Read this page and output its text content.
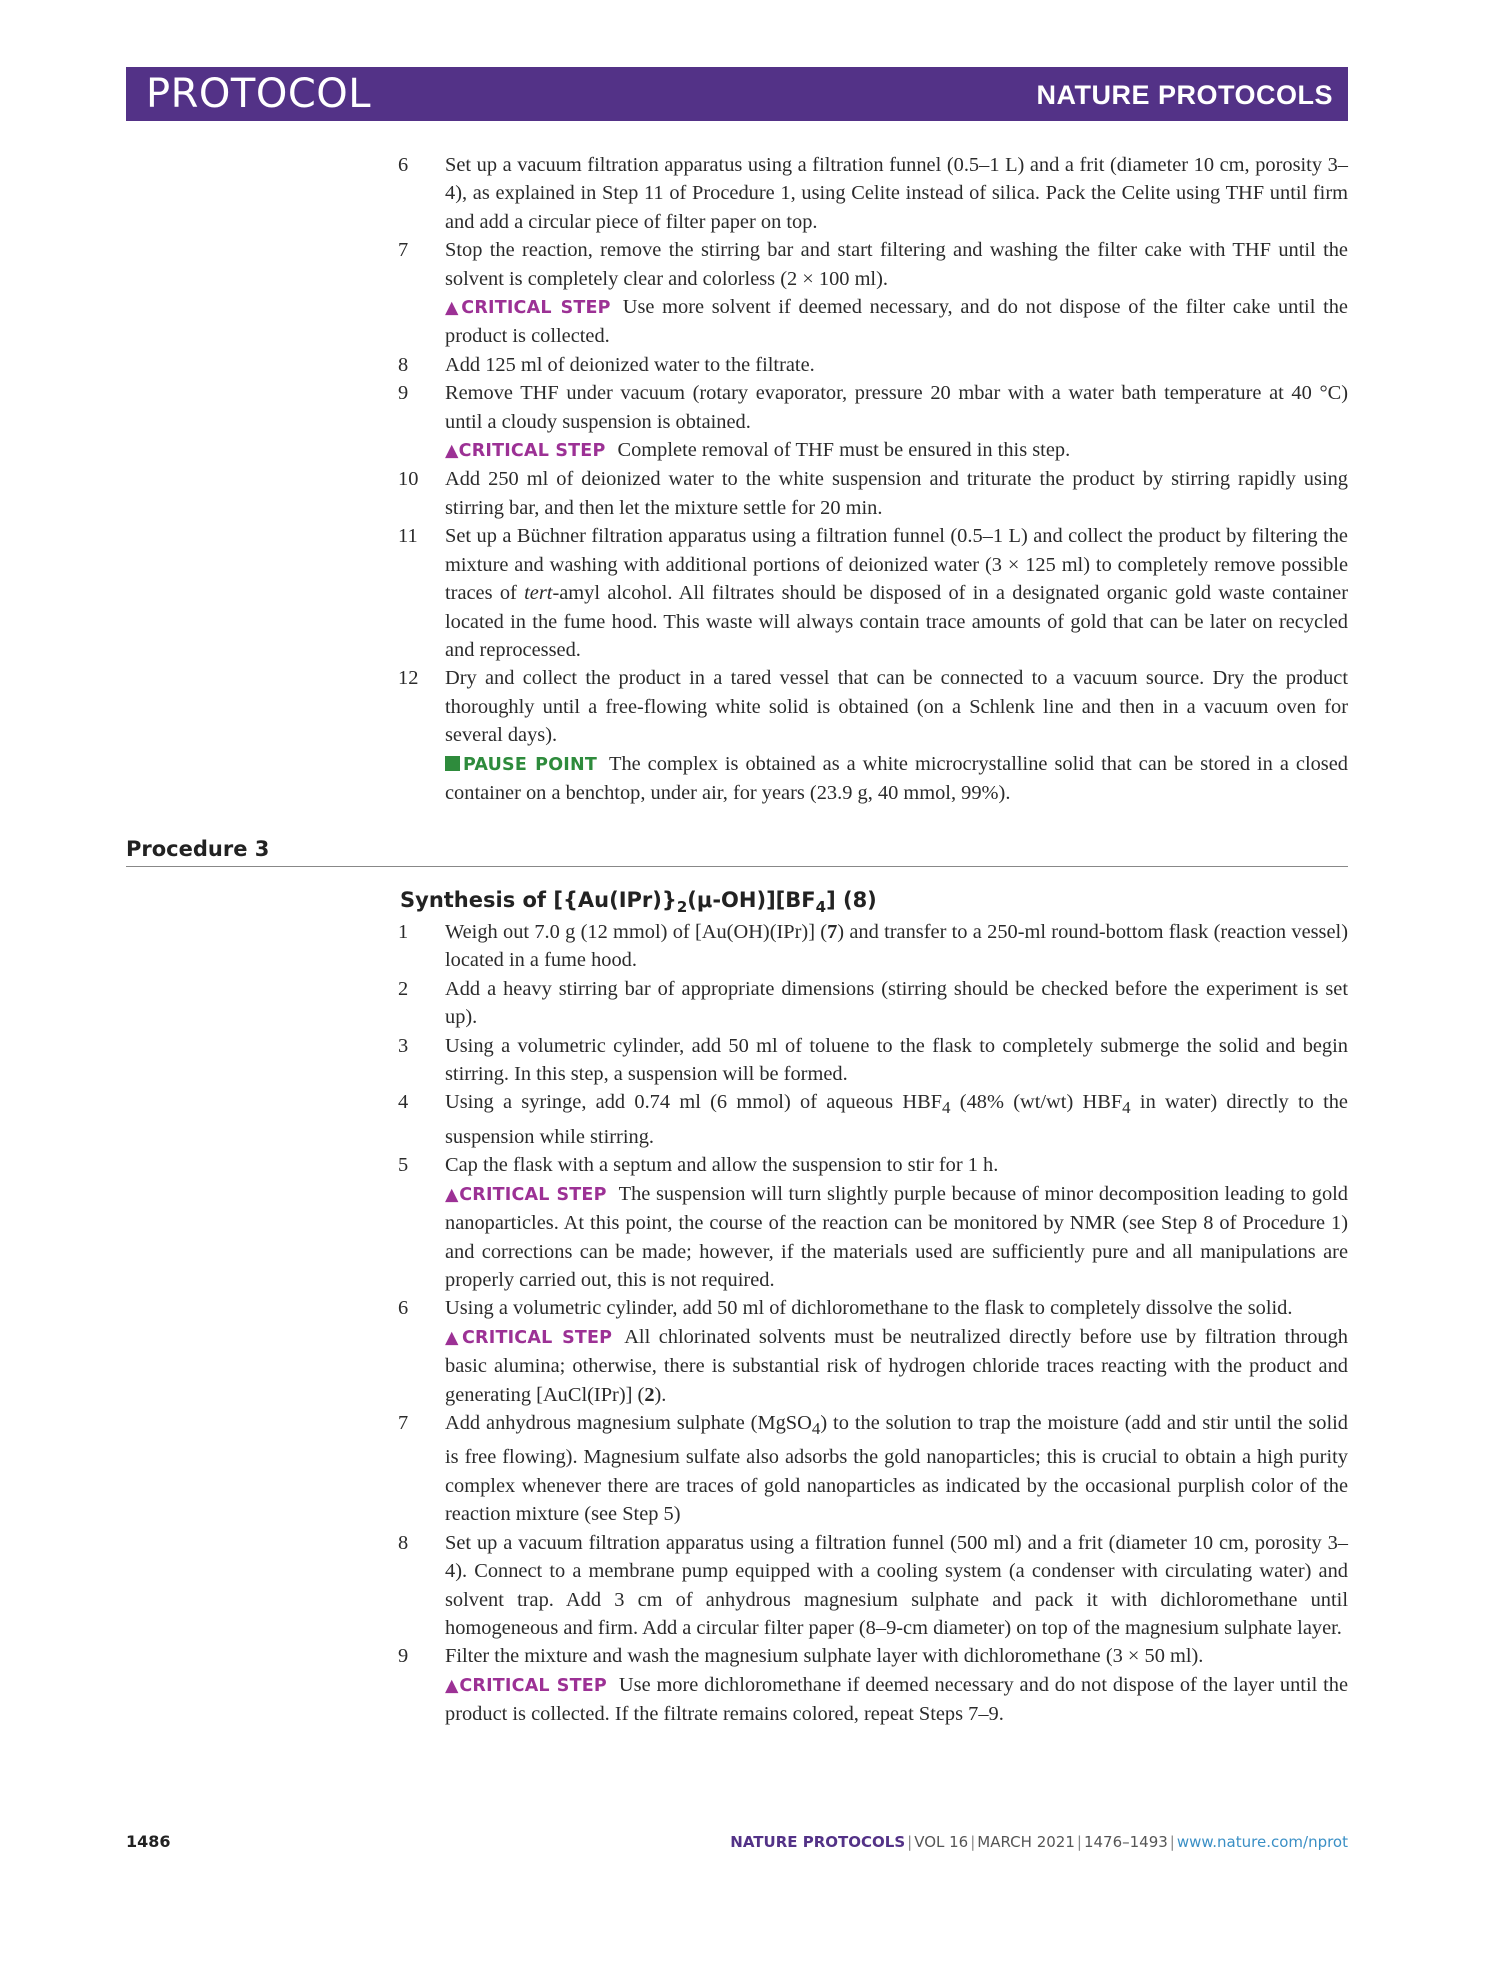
PROTOCOL	NATURE PROTOCOLS
6 Set up a vacuum filtration apparatus using a filtration funnel (0.5–1 L) and a frit (diameter 10 cm, porosity 3–4), as explained in Step 11 of Procedure 1, using Celite instead of silica. Pack the Celite using THF until firm and add a circular piece of filter paper on top.
7 Stop the reaction, remove the stirring bar and start filtering and washing the filter cake with THF until the solvent is completely clear and colorless (2 × 100 ml).
▲CRITICAL STEP Use more solvent if deemed necessary, and do not dispose of the filter cake until the product is collected.
8 Add 125 ml of deionized water to the filtrate.
9 Remove THF under vacuum (rotary evaporator, pressure 20 mbar with a water bath temperature at 40 °C) until a cloudy suspension is obtained.
▲CRITICAL STEP Complete removal of THF must be ensured in this step.
10 Add 250 ml of deionized water to the white suspension and triturate the product by stirring rapidly using stirring bar, and then let the mixture settle for 20 min.
11 Set up a Büchner filtration apparatus using a filtration funnel (0.5–1 L) and collect the product by filtering the mixture and washing with additional portions of deionized water (3 × 125 ml) to completely remove possible traces of tert-amyl alcohol. All filtrates should be disposed of in a designated organic gold waste container located in the fume hood. This waste will always contain trace amounts of gold that can be later on recycled and reprocessed.
12 Dry and collect the product in a tared vessel that can be connected to a vacuum source. Dry the product thoroughly until a free-flowing white solid is obtained (on a Schlenk line and then in a vacuum oven for several days).
PAUSE POINT The complex is obtained as a white microcrystalline solid that can be stored in a closed container on a benchtop, under air, for years (23.9 g, 40 mmol, 99%).
Procedure 3
Synthesis of $[\{Au(IPr)\}_2(\mu-OH)][BF_4]$ (8)
1 Weigh out 7.0 g (12 mmol) of [Au(OH)(IPr)] (7) and transfer to a 250-ml round-bottom flask (reaction vessel) located in a fume hood.
2 Add a heavy stirring bar of appropriate dimensions (stirring should be checked before the experiment is set up).
3 Using a volumetric cylinder, add 50 ml of toluene to the flask to completely submerge the solid and begin stirring. In this step, a suspension will be formed.
4 Using a syringe, add 0.74 ml (6 mmol) of aqueous $HBF_4$ (48% (wt/wt) $HBF_4$ in water) directly to the suspension while stirring.
5 Cap the flask with a septum and allow the suspension to stir for 1 h.
▲CRITICAL STEP The suspension will turn slightly purple because of minor decomposition leading to gold nanoparticles. At this point, the course of the reaction can be monitored by NMR (see Step 8 of Procedure 1) and corrections can be made; however, if the materials used are sufficiently pure and all manipulations are properly carried out, this is not required.
6 Using a volumetric cylinder, add 50 ml of dichloromethane to the flask to completely dissolve the solid.
▲CRITICAL STEP All chlorinated solvents must be neutralized directly before use by filtration through basic alumina; otherwise, there is substantial risk of hydrogen chloride traces reacting with the product and generating [AuCl(IPr)] (2).
7 Add anhydrous magnesium sulphate (MgSO$_4$) to the solution to trap the moisture (add and stir until the solid is free flowing). Magnesium sulfate also adsorbs the gold nanoparticles; this is crucial to obtain a high purity complex whenever there are traces of gold nanoparticles as indicated by the occasional purplish color of the reaction mixture (see Step 5)
8 Set up a vacuum filtration apparatus using a filtration funnel (500 ml) and a frit (diameter 10 cm, porosity 3–4). Connect to a membrane pump equipped with a cooling system (a condenser with circulating water) and solvent trap. Add 3 cm of anhydrous magnesium sulphate and pack it with dichloromethane until homogeneous and firm. Add a circular filter paper (8–9-cm diameter) on top of the magnesium sulphate layer.
9 Filter the mixture and wash the magnesium sulphate layer with dichloromethane (3 × 50 ml).
▲CRITICAL STEP Use more dichloromethane if deemed necessary and do not dispose of the layer until the product is collected. If the filtrate remains colored, repeat Steps 7–9.
1486	NATURE PROTOCOLS | VOL 16 | MARCH 2021 | 1476–1493 | www.nature.com/nprot
